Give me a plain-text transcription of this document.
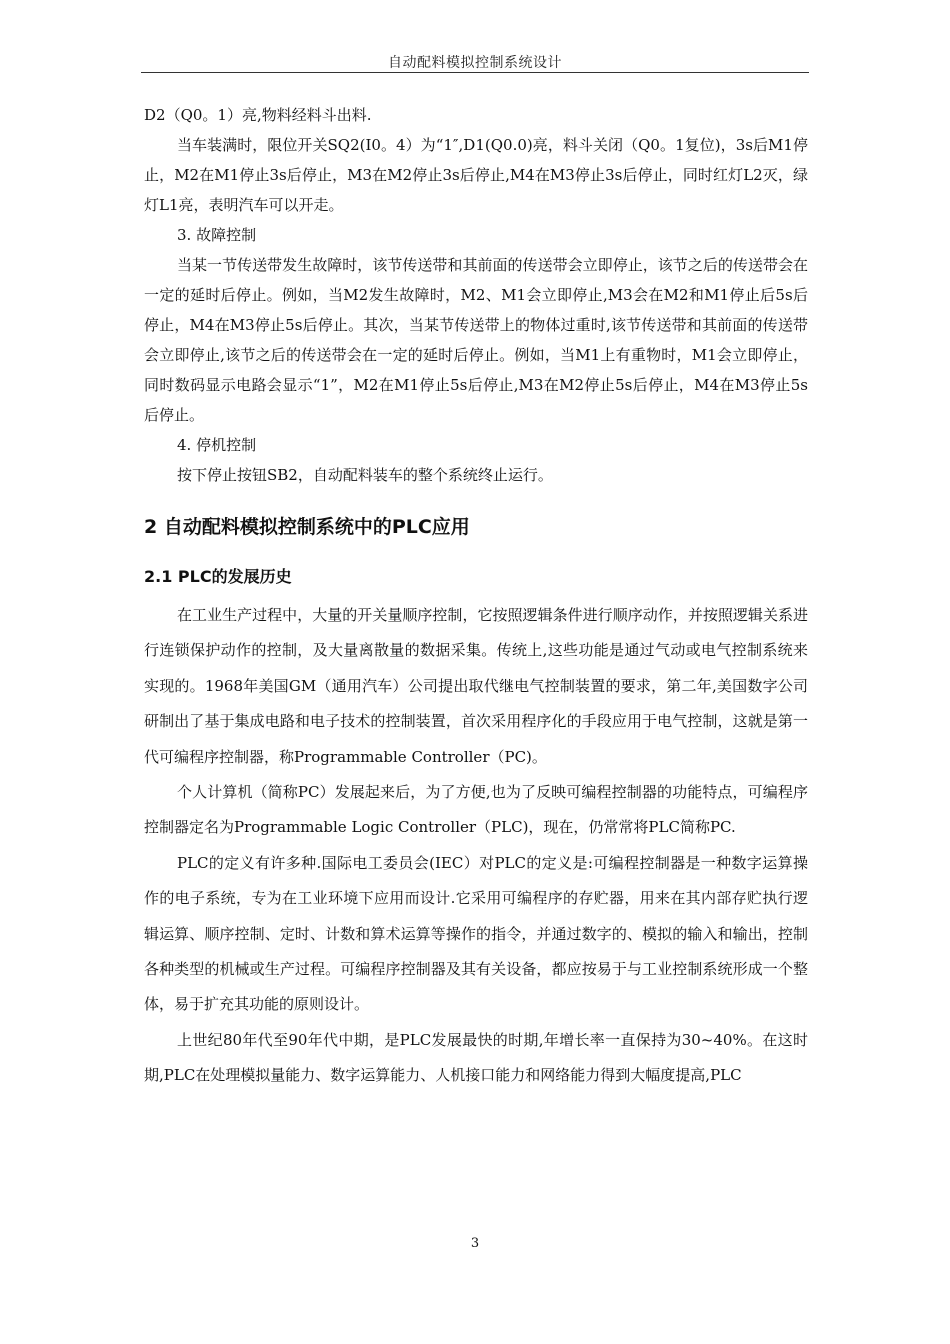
自动配料模拟控制系统设计

D2（Q0。1）亮,物料经料斗出料.

当车装满时，限位开关SQ2(I0。4）为“1″,D1(Q0.0)亮，料斗关闭（Q0。1复位)，3s后M1停止，M2在M1停止3s后停止，M3在M2停止3s后停止,M4在M3停止3s后停止，同时红灯L2灭，绿灯L1亮，表明汽车可以开走。

3. 故障控制

当某一节传送带发生故障时，该节传送带和其前面的传送带会立即停止，该节之后的传送带会在一定的延时后停止。例如，当M2发生故障时，M2、M1会立即停止,M3会在M2和M1停止后5s后停止，M4在M3停止5s后停止。其次，当某节传送带上的物体过重时,该节传送带和其前面的传送带会立即停止,该节之后的传送带会在一定的延时后停止。例如，当M1上有重物时，M1会立即停止，同时数码显示电路会显示“1”，M2在M1停止5s后停止,M3在M2停止5s后停止，M4在M3停止5s后停止。

4. 停机控制

按下停止按钮SB2，自动配料装车的整个系统终止运行。

2 自动配料模拟控制系统中的PLC应用
2.1 PLC的发展历史

在工业生产过程中，大量的开关量顺序控制，它按照逻辑条件进行顺序动作，并按照逻辑关系进行连锁保护动作的控制，及大量离散量的数据采集。传统上,这些功能是通过气动或电气控制系统来实现的。1968年美国GM（通用汽车）公司提出取代继电气控制装置的要求，第二年,美国数字公司研制出了基于集成电路和电子技术的控制装置，首次采用程序化的手段应用于电气控制，这就是第一代可编程序控制器，称Programmable Controller（PC)。

个人计算机（简称PC）发展起来后，为了方便,也为了反映可编程控制器的功能特点，可编程序控制器定名为Programmable Logic Controller（PLC)，现在，仍常常将PLC简称PC.

PLC的定义有许多种.国际电工委员会(IEC）对PLC的定义是:可编程控制器是一种数字运算操作的电子系统，专为在工业环境下应用而设计.它采用可编程序的存贮器，用来在其内部存贮执行逻辑运算、顺序控制、定时、计数和算术运算等操作的指令，并通过数字的、模拟的输入和输出，控制各种类型的机械或生产过程。可编程序控制器及其有关设备，都应按易于与工业控制系统形成一个整体，易于扩充其功能的原则设计。

上世纪80年代至90年代中期，是PLC发展最快的时期,年增长率一直保持为30~40%。在这时期,PLC在处理模拟量能力、数字运算能力、人机接口能力和网络能力得到大幅度提高,PLC

3
